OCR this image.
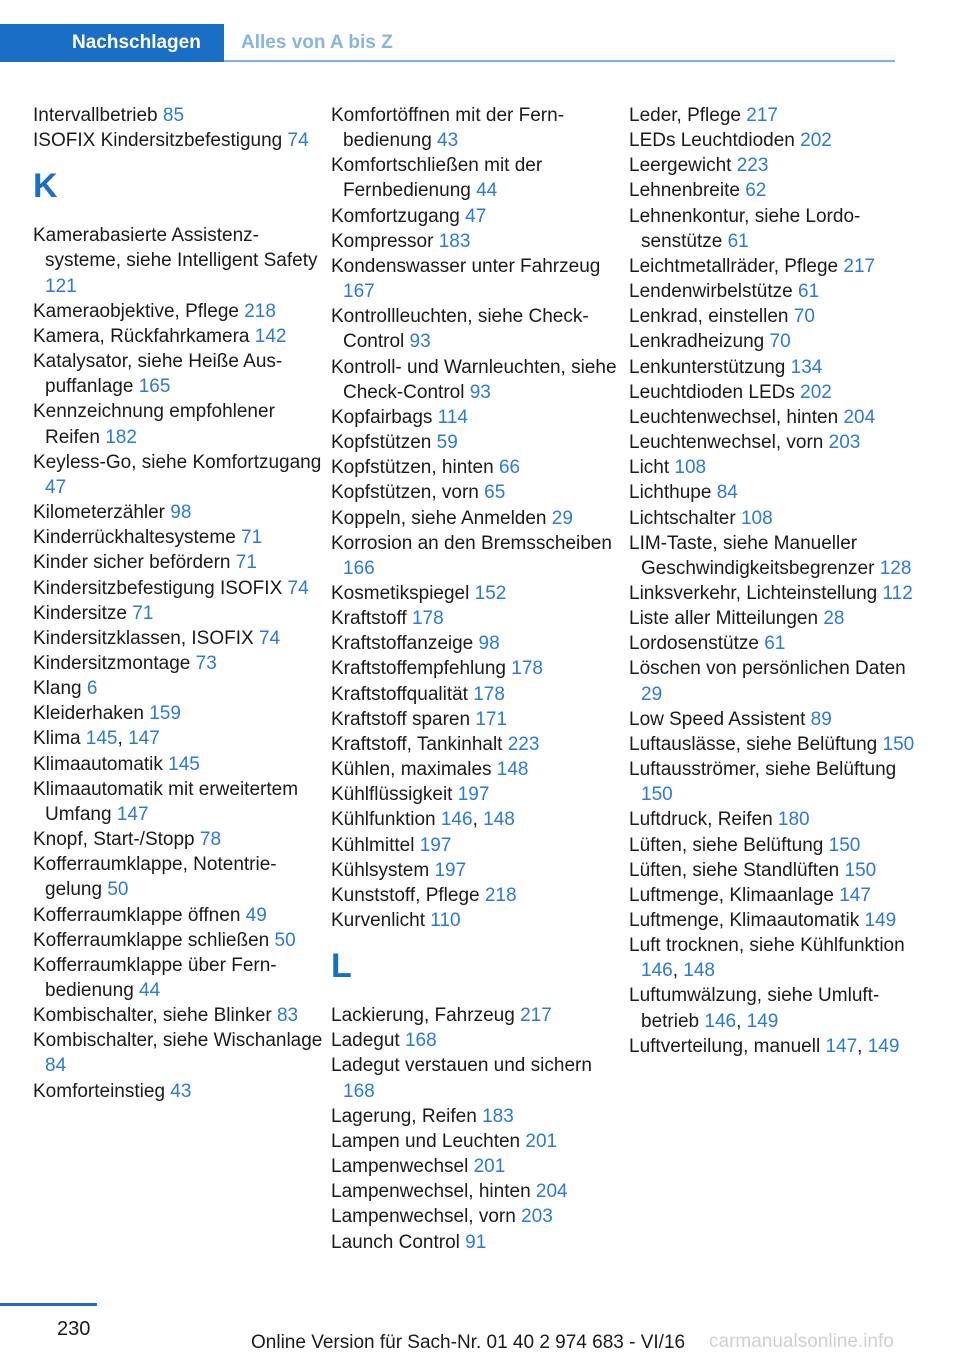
Nachschlagen	Alles von A bis Z
Intervallbetrieb 85
ISOFIX Kindersitzbefestigung 74
K
Kamerabasierte Assistenzsysteme, siehe Intelligent Safety 121
Kameraobjektive, Pflege 218
Kamera, Rückfahrkamera 142
Katalysator, siehe Heiße Auspuffanlage 165
Kennzeichnung empfohlener Reifen 182
Keyless-Go, siehe Komfortzugang 47
Kilometerzähler 98
Kinderrückhaltesysteme 71
Kinder sicher befördern 71
Kindersitzbefestigung ISOFIX 74
Kindersitze 71
Kindersitzklassen, ISOFIX 74
Kindersitzmontage 73
Klang 6
Kleiderhaken 159
Klima 145, 147
Klimaautomatik 145
Klimaautomatik mit erweitertem Umfang 147
Knopf, Start-/Stopp 78
Kofferraumklappe, Notentriegelung 50
Kofferraumklappe öffnen 49
Kofferraumklappe schließen 50
Kofferraumklappe über Fernbedienung 44
Kombischalter, siehe Blinker 83
Kombischalter, siehe Wischanlage 84
Komforteinstieg 43
Komfortöffnen mit der Fernbedienung 43
Komfortschließen mit der Fernbedienung 44
Komfortzugang 47
Kompressor 183
Kondenswasser unter Fahrzeug 167
Kontrollleuchten, siehe Check-Control 93
Kontroll- und Warnleuchten, siehe Check-Control 93
Kopfairbags 114
Kopfstützen 59
Kopfstützen, hinten 66
Kopfstützen, vorn 65
Koppeln, siehe Anmelden 29
Korrosion an den Bremsscheiben 166
Kosmetikspiegel 152
Kraftstoff 178
Kraftstoffanzeige 98
Kraftstoffempfehlung 178
Kraftstoffqualität 178
Kraftstoff sparen 171
Kraftstoff, Tankinhalt 223
Kühlen, maximales 148
Kühlflüssigkeit 197
Kühlfunktion 146, 148
Kühlmittel 197
Kühlsystem 197
Kunststoff, Pflege 218
Kurvenlicht 110
L
Lackierung, Fahrzeug 217
Ladegut 168
Ladegut verstauen und sichern 168
Lagerung, Reifen 183
Lampen und Leuchten 201
Lampenwechsel 201
Lampenwechsel, hinten 204
Lampenwechsel, vorn 203
Launch Control 91
Leder, Pflege 217
LEDs Leuchtdioden 202
Leergewicht 223
Lehnenbreite 62
Lehnenkontur, siehe Lordosenstütze 61
Leichtmetallräder, Pflege 217
Lendenwirbelstütze 61
Lenkrad, einstellen 70
Lenkradheizung 70
Lenkunterstützung 134
Leuchtdioden LEDs 202
Leuchtenwechsel, hinten 204
Leuchtenwechsel, vorn 203
Licht 108
Lichthupe 84
Lichtschalter 108
LIM-Taste, siehe Manueller Geschwindigkeitsbegrenzer 128
Linksverkehr, Lichteinstellung 112
Liste aller Mitteilungen 28
Lordosenstütze 61
Löschen von persönlichen Daten 29
Low Speed Assistent 89
Luftauslässe, siehe Belüftung 150
Luftausströmer, siehe Belüftung 150
Luftdruck, Reifen 180
Lüften, siehe Belüftung 150
Lüften, siehe Standlüften 150
Luftmenge, Klimaanlage 147
Luftmenge, Klimaautomatik 149
Luft trocknen, siehe Kühlfunktion 146, 148
Luftumwälzung, siehe Umluftbetrieb 146, 149
Luftverteilung, manuell 147, 149
230
Online Version für Sach-Nr. 01 40 2 974 683 - VI/16 carmanualsonline.info
